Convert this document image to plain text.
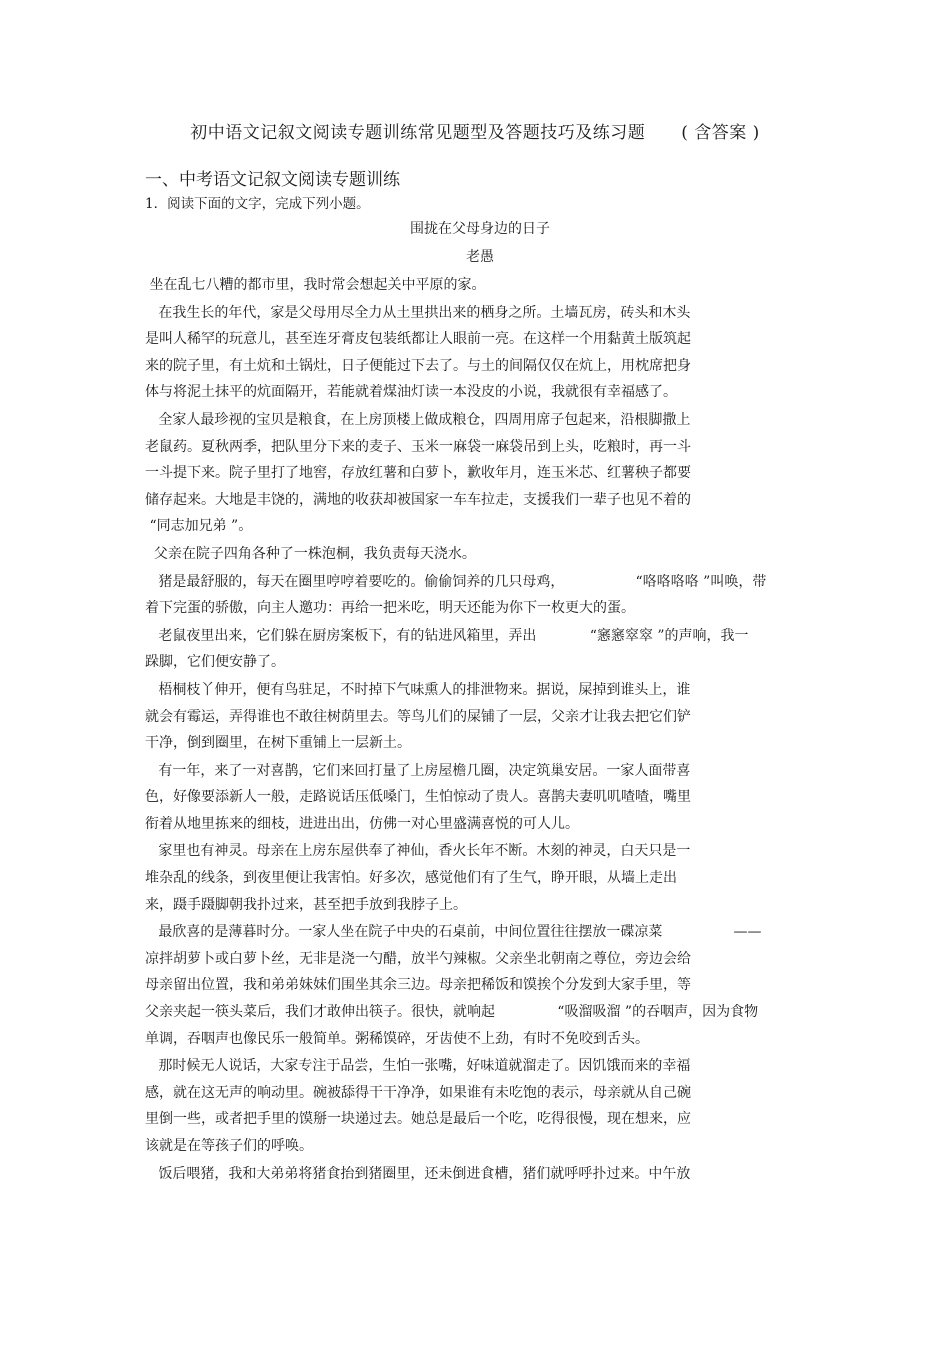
初中语文记叙文阅读专题训练常见题型及答题技巧及练习题 ( 含答案 )
一、中考语文记叙文阅读专题训练
1．阅读下面的文字，完成下列小题。
围拢在父母身边的日子
老愚
坐在乱七八糟的都市里，我时常会想起关中平原的家。
在我生长的年代，家是父母用尽全力从土里拱出来的栖身之所。土墙瓦房，砖头和木头
是叫人稀罕的玩意儿，甚至连牙膏皮包装纸都让人眼前一亮。在这样一个用黏黄土版筑起
来的院子里，有土炕和土锅灶，日子便能过下去了。与土的间隔仅仅在炕上，用枕席把身
体与将泥土抹平的炕面隔开，若能就着煤油灯读一本没皮的小说，我就很有幸福感了。
全家人最珍视的宝贝是粮食，在上房顶楼上做成粮仓，四周用席子包起来，沿根脚撒上
老鼠药。夏秋两季，把队里分下来的麦子、玉米一麻袋一麻袋吊到上头，吃粮时，再一斗
一斗提下来。院子里打了地窖，存放红薯和白萝卜，歉收年月，连玉米芯、红薯秧子都要
储存起来。大地是丰饶的，满地的收获却被国家一车车拉走，支援我们一辈子也见不着的
“同志加兄弟 ”。
父亲在院子四角各种了一株泡桐，我负责每天浇水。
猪是最舒服的，每天在圈里哼哼着要吃的。偷偷饲养的几只母鸡，                “咯咯咯咯 ”叫唤，带
着下完蛋的骄傲，向主人邀功：再给一把米吃，明天还能为你下一枚更大的蛋。
老鼠夜里出来，它们躲在厨房案板下，有的钻进风箱里，弄出            “窸窸窣窣 ”的声响，我一
跺脚，它们便安静了。
梧桐枝丫伸开，便有鸟驻足，不时掉下气味熏人的排泄物来。据说，屎掉到谁头上，谁
就会有霉运，弄得谁也不敢往树荫里去。等鸟儿们的屎铺了一层，父亲才让我去把它们铲
干净，倒到圈里，在树下重铺上一层新土。
有一年，来了一对喜鹊，它们来回打量了上房屋檐几圈，决定筑巢安居。一家人面带喜
色，好像要添新人一般，走路说话压低嗓门，生怕惊动了贵人。喜鹊夫妻叽叽喳喳，嘴里
衔着从地里拣来的细枝，进进出出，仿佛一对心里盛满喜悦的可人儿。
家里也有神灵。母亲在上房东屋供奉了神仙，香火长年不断。木刻的神灵，白天只是一
堆杂乱的线条，到夜里便让我害怕。好多次，感觉他们有了生气，睁开眼，从墙上走出
来，蹑手蹑脚朝我扑过来，甚至把手放到我脖子上。
最欣喜的是薄暮时分。一家人坐在院子中央的石桌前，中间位置往往摆放一碟凉菜                ——
凉拌胡萝卜或白萝卜丝，无非是浇一勺醋，放半勺辣椒。父亲坐北朝南之尊位，旁边会给
母亲留出位置，我和弟弟妹妹们围坐其余三边。母亲把稀饭和馍挨个分发到大家手里，等
父亲夹起一筷头菜后，我们才敢伸出筷子。很快，就响起              “吸溜吸溜 ”的吞咽声，因为食物
单调，吞咽声也像民乐一般简单。粥稀馍碎，牙齿使不上劲，有时不免咬到舌头。
那时候无人说话，大家专注于品尝，生怕一张嘴，好味道就溜走了。因饥饿而来的幸福
感，就在这无声的响动里。碗被舔得干干净净，如果谁有未吃饱的表示，母亲就从自己碗
里倒一些，或者把手里的馍掰一块递过去。她总是最后一个吃，吃得很慢，现在想来，应
该就是在等孩子们的呼唤。
饭后喂猪，我和大弟弟将猪食抬到猪圈里，还未倒进食槽，猪们就呼呼扑过来。中午放
